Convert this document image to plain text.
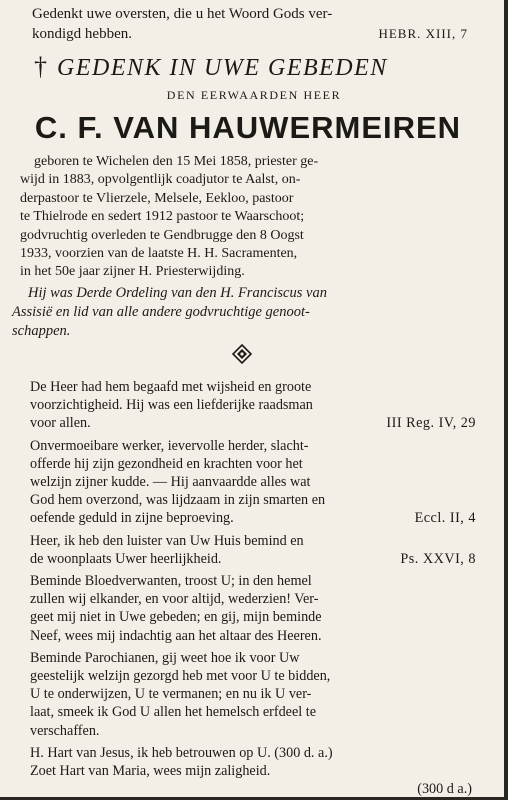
Gedenkt uwe oversten, die u het Woord Gods ver-
kondigd hebben.	HEBR. XIII, 7
† GEDENK IN UWE GEBEDEN
DEN EERWAARDEN HEER
C. F. VAN HAUWERMEIREN
geboren te Wichelen den 15 Mei 1858, priester ge-
wijd in 1883, opvolgentlijk coadjutor te Aalst, on-
derpastoor te Vlierzele, Melsele, Eekloo, pastoor
te Thielrode en sedert 1912 pastoor te Waarschoot;
godvruchtig overleden te Gendbrugge den 8 Oogst
1933, voorzien van de laatste H. H. Sacramenten,
in het 50e jaar zijner H. Priesterwijding.
Hij was Derde Ordeling van den H. Franciscus van
Assisië en lid van alle andere godvruchtige genoot-
schappen.
De Heer had hem begaafd met wijsheid en groote
voorzichtigheid. Hij was een liefderijke raadsman
voor allen.	III Reg. IV, 29
Onvermoeibare werker, ievervolle herder, slacht-
offerde hij zijn gezondheid en krachten voor het
welzijn zijner kudde. — Hij aanvaardde alles wat
God hem overzond, was lijdzaam in zijn smarten en
oefende geduld in zijne beproeving.	Eccl. II, 4
Heer, ik heb den luister van Uw Huis bemind en
de woonplaats Uwer heerlijkheid.	Ps. XXVI, 8
Beminde Bloedverwanten, troost U; in den hemel
zullen wij elkander, en voor altijd, wederzien! Ver-
geet mij niet in Uwe gebeden; en gij, mijn beminde
Neef, wees mij indachtig aan het altaar des Heeren.
Beminde Parochianen, gij weet hoe ik voor Uw
geestelijk welzijn gezorgd heb met voor U te bidden,
U te onderwijzen, U te vermanen; en nu ik U ver-
laat, smeek ik God U allen het hemelsch erfdeel te
verschaffen.
H. Hart van Jesus, ik heb betrouwen op U. (300 d. a.)
Zoet Hart van Maria, wees mijn zaligheid.
(300 d a.)
